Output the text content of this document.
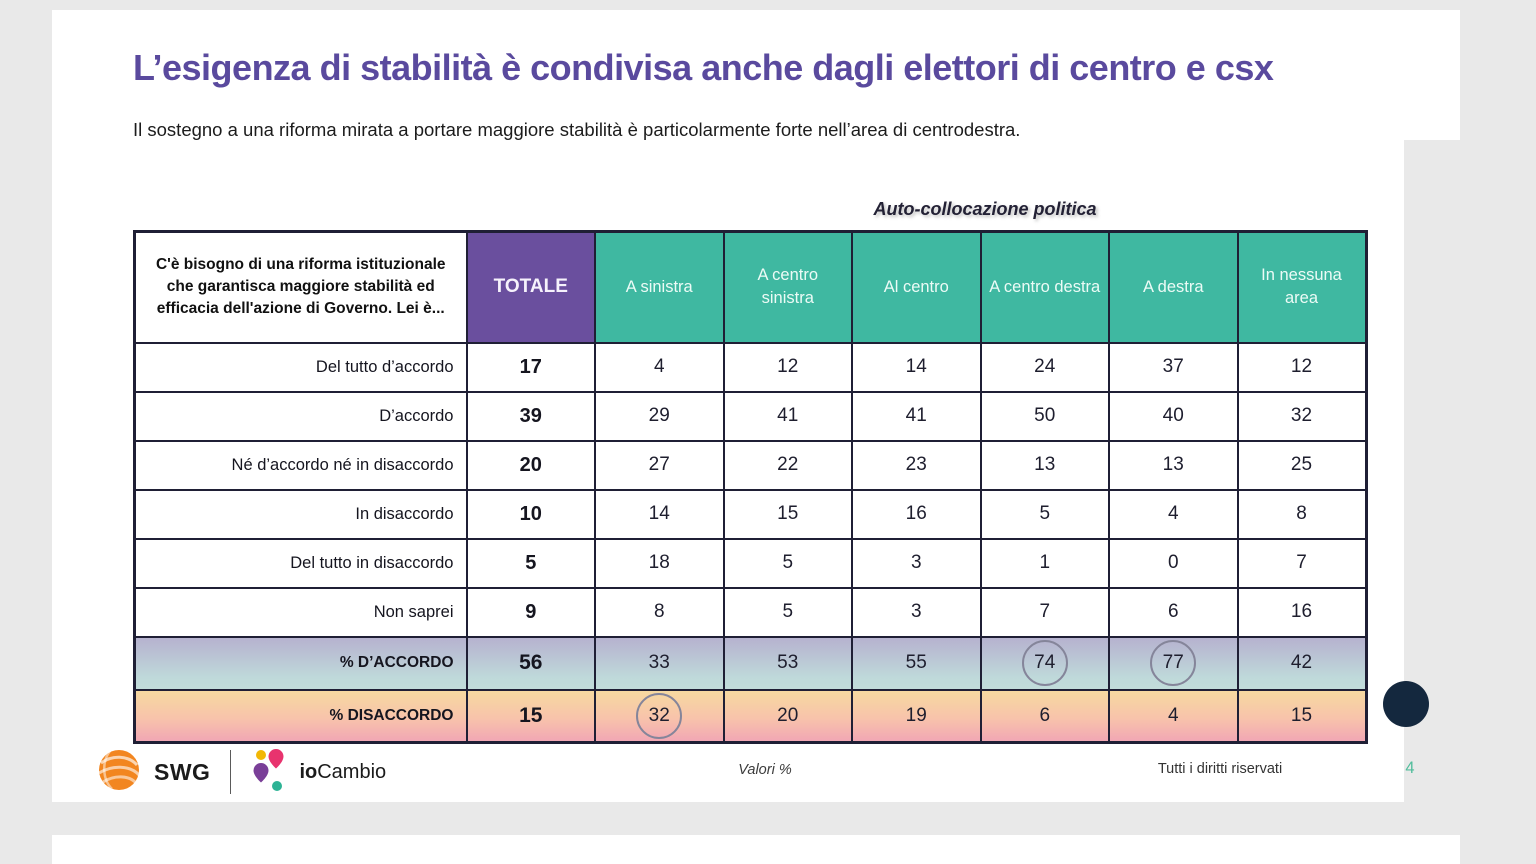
L’esigenza di stabilità è condivisa anche dagli elettori di centro e csx
Il sostegno a una riforma mirata a portare maggiore stabilità è particolarmente forte nell’area di centrodestra.
Auto-collocazione politica
C'è bisogno di una riforma istituzionale che garantisca maggiore stabilità ed efficacia dell'azione di Governo. Lei è...	TOTALE	A sinistra	A centro sinistra	Al centro	A centro destra	A destra	In nessuna area
Del tutto d’accordo	17	4	12	14	24	37	12
D’accordo	39	29	41	41	50	40	32
Né d’accordo né in disaccordo	20	27	22	23	13	13	25
In disaccordo	10	14	15	16	5	4	8
Del tutto in disaccordo	5	18	5	3	1	0	7
Non saprei	9	8	5	3	7	6	16
% D’ACCORDO	56	33	53	55	74	77	42
% DISACCORDO	15	32	20	19	6	4	15
SWG	ioCambio	Valori %	Tutti i diritti riservati	4
